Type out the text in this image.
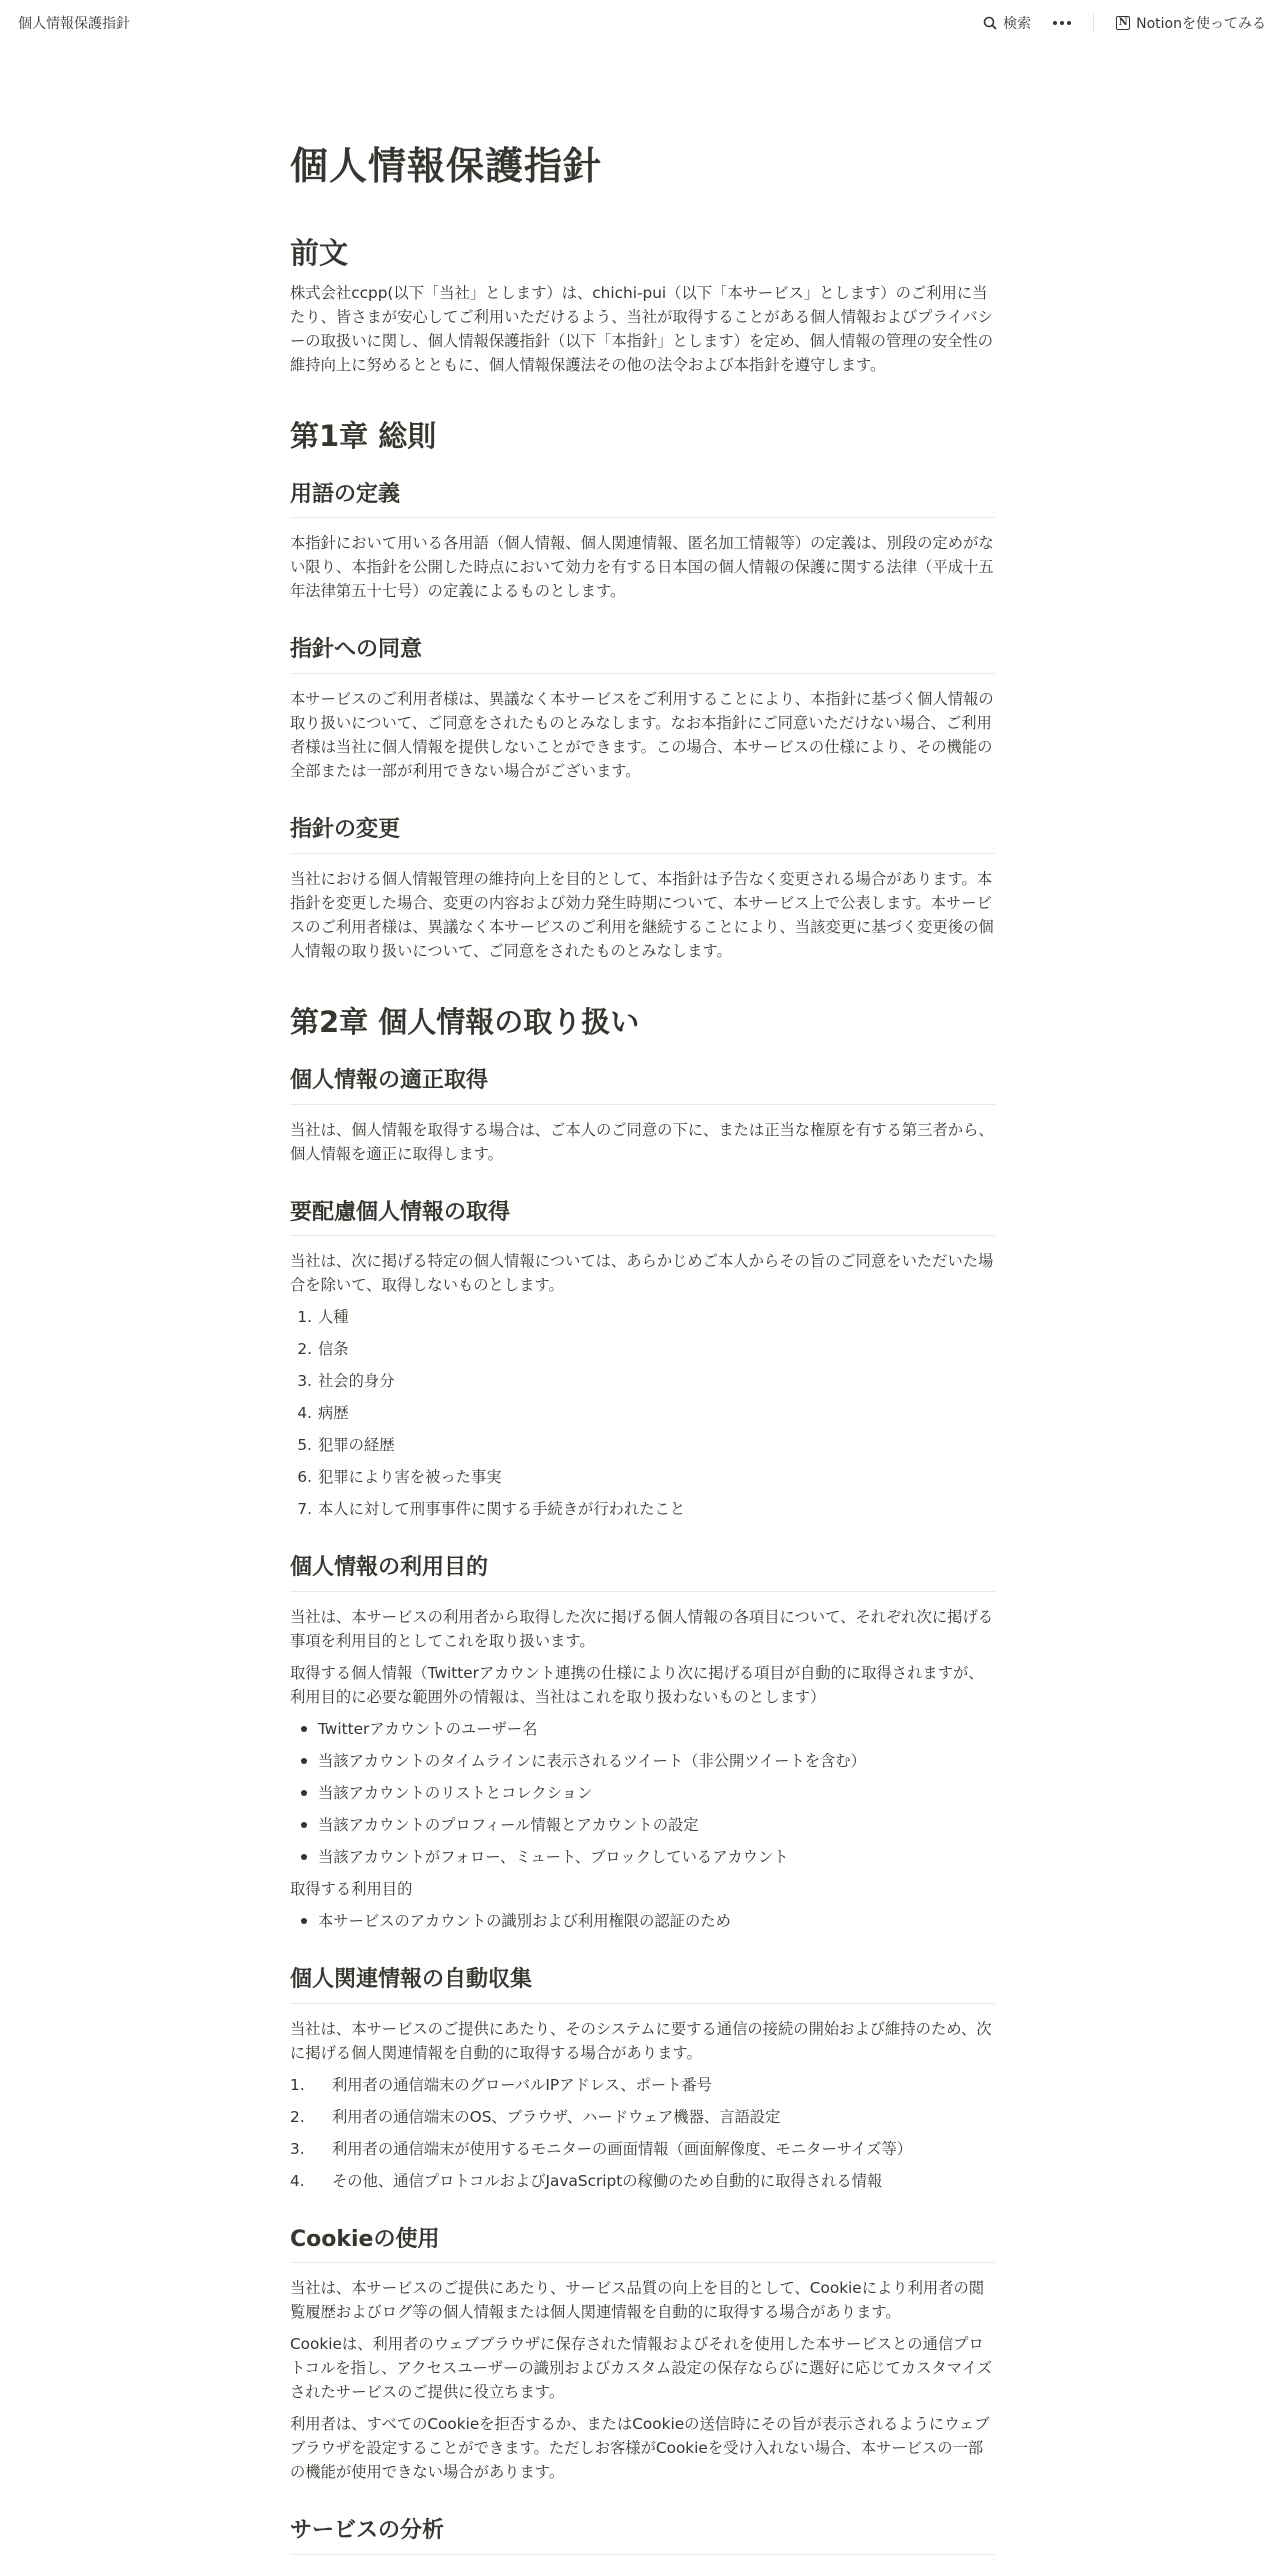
個人情報保護指針	検索	N Notionを使ってみる
個人情報保護指針
前文

株式会社ccpp(以下「当社」とします）は、chichi-pui（以下「本サービス」とします）のご利用に当たり、皆さまが安心してご利用いただけるよう、当社が取得することがある個人情報およびプライバシーの取扱いに関し、個人情報保護指針（以下「本指針」とします）を定め、個人情報の管理の安全性の維持向上に努めるとともに、個人情報保護法その他の法令および本指針を遵守します。

第1章 総則
用語の定義

本指針において用いる各用語（個人情報、個人関連情報、匿名加工情報等）の定義は、別段の定めがない限り、本指針を公開した時点において効力を有する日本国の個人情報の保護に関する法律（平成十五年法律第五十七号）の定義によるものとします。

指針への同意

本サービスのご利用者様は、異議なく本サービスをご利用することにより、本指針に基づく個人情報の取り扱いについて、ご同意をされたものとみなします。なお本指針にご同意いただけない場合、ご利用者様は当社に個人情報を提供しないことができます。この場合、本サービスの仕様により、その機能の全部または一部が利用できない場合がございます。

指針の変更

当社における個人情報管理の維持向上を目的として、本指針は予告なく変更される場合があります。本指針を変更した場合、変更の内容および効力発生時期について、本サービス上で公表します。本サービスのご利用者様は、異議なく本サービスのご利用を継続することにより、当該変更に基づく変更後の個人情報の取り扱いについて、ご同意をされたものとみなします。

第2章 個人情報の取り扱い
個人情報の適正取得

当社は、個人情報を取得する場合は、ご本人のご同意の下に、または正当な権原を有する第三者から、個人情報を適正に取得します。

要配慮個人情報の取得

当社は、次に掲げる特定の個人情報については、あらかじめご本人からその旨のご同意をいただいた場合を除いて、取得しないものとします。

1. 人種
2. 信条
3. 社会的身分
4. 病歴
5. 犯罪の経歴
6. 犯罪により害を被った事実
7. 本人に対して刑事事件に関する手続きが行われたこと
個人情報の利用目的

当社は、本サービスの利用者から取得した次に掲げる個人情報の各項目について、それぞれ次に掲げる事項を利用目的としてこれを取り扱います。

取得する個人情報（Twitterアカウント連携の仕様により次に掲げる項目が自動的に取得されますが、利用目的に必要な範囲外の情報は、当社はこれを取り扱わないものとします）

Twitterアカウントのユーザー名
当該アカウントのタイムラインに表示されるツイート（非公開ツイートを含む）
当該アカウントのリストとコレクション
当該アカウントのプロフィール情報とアカウントの設定
当該アカウントがフォロー、ミュート、ブロックしているアカウント

取得する利用目的

本サービスのアカウントの識別および利用権限の認証のため
個人関連情報の自動収集

当社は、本サービスのご提供にあたり、そのシステムに要する通信の接続の開始および維持のため、次に掲げる個人関連情報を自動的に取得する場合があります。

1.	利用者の通信端末のグローバルIPアドレス、ポート番号
2.	利用者の通信端末のOS、ブラウザ、ハードウェア機器、言語設定
3.	利用者の通信端末が使用するモニターの画面情報（画面解像度、モニターサイズ等）
4.	その他、通信プロトコルおよびJavaScriptの稼働のため自動的に取得される情報
Cookieの使用

当社は、本サービスのご提供にあたり、サービス品質の向上を目的として、Cookieにより利用者の閲覧履歴およびログ等の個人情報または個人関連情報を自動的に取得する場合があります。

Cookieは、利用者のウェブブラウザに保存された情報およびそれを使用した本サービスとの通信プロトコルを指し、アクセスユーザーの識別およびカスタム設定の保存ならびに選好に応じてカスタマイズされたサービスのご提供に役立ちます。

利用者は、すべてのCookieを拒否するか、またはCookieの送信時にその旨が表示されるようにウェブブラウザを設定することができます。ただしお客様がCookieを受け入れない場合、本サービスの一部の機能が使用できない場合があります。

サービスの分析
